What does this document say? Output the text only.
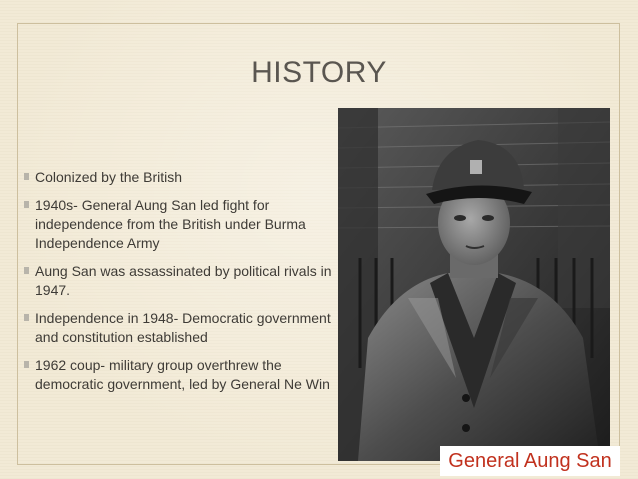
HISTORY
Colonized by the British
1940s- General Aung San led fight for independence from the British under Burma Independence Army
Aung San was assassinated by political rivals in 1947.
Independence in 1948- Democratic government and constitution established
1962 coup- military group overthrew the democratic government, led by General Ne Win
General Aung San
